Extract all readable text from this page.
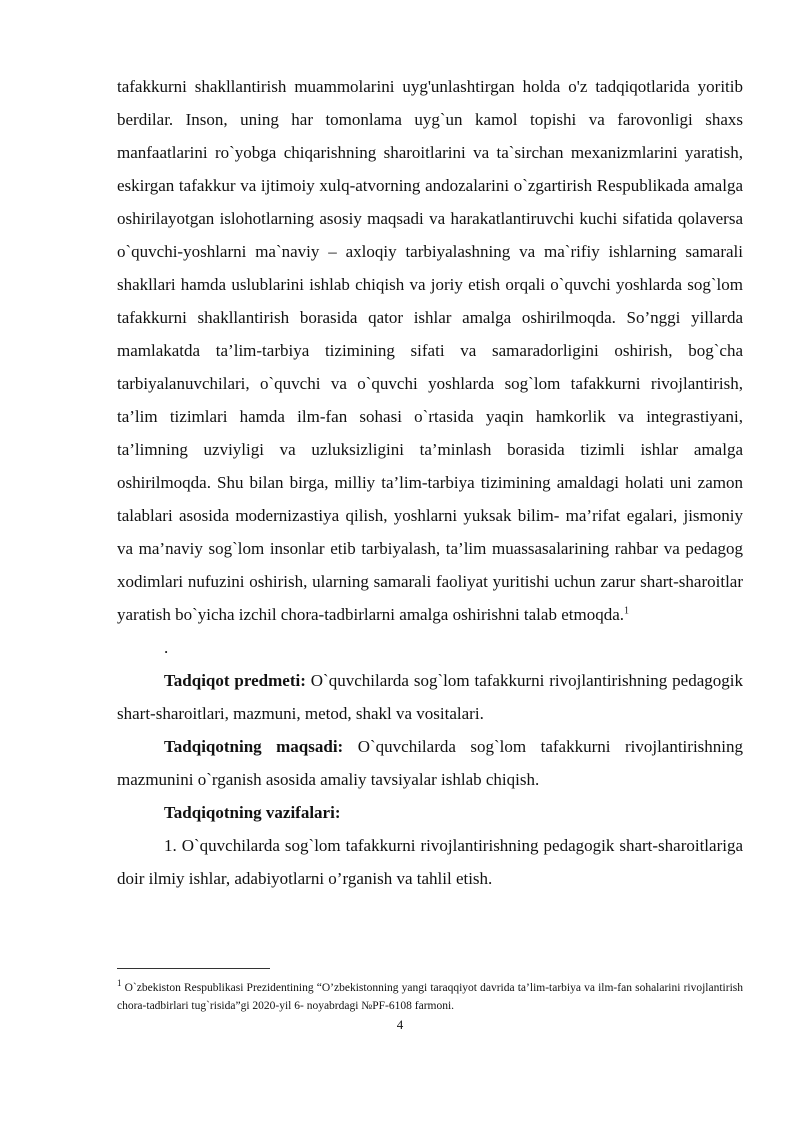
tafakkurni shakllantirish muammolarini uyg'unlashtirgan holda o'z tadqiqotlarida yoritib berdilar. Inson, uning har tomonlama uyg`un kamol topishi va farovonligi shaxs manfaatlarini ro`yobga chiqarishning sharoitlarini va ta`sirchan mexanizmlarini yaratish, eskirgan tafakkur va ijtimoiy xulq-atvorning andozalarini o`zgartirish Respublikada amalga oshirilayotgan islohotlarning asosiy maqsadi va harakatlantiruvchi kuchi sifatida qolaversa o`quvchi-yoshlarni ma`naviy – axloqiy tarbiyalashning va ma`rifiy ishlarning samarali shakllari hamda uslublarini ishlab chiqish va joriy etish orqali o`quvchi yoshlarda sog`lom tafakkurni shakllantirish borasida qator ishlar amalga oshirilmoqda. So’nggi yillarda mamlakatda ta’lim-tarbiya tizimining sifati va samaradorligini oshirish, bog`cha tarbiyalanuvchilari, o`quvchi va o`quvchi yoshlarda sog`lom tafakkurni rivojlantirish, ta’lim tizimlari hamda ilm-fan sohasi o`rtasida yaqin hamkorlik va integrastiyani, ta’limning uzviyligi va uzluksizligini ta’minlash borasida tizimli ishlar amalga oshirilmoqda. Shu bilan birga, milliy ta’lim-tarbiya tizimining amaldagi holati uni zamon talablari asosida modernizastiya qilish, yoshlarni yuksak bilim- ma’rifat egalari, jismoniy va ma’naviy sog`lom insonlar etib tarbiyalash, ta’lim muassasalarining rahbar va pedagog xodimlari nufuzini oshirish, ularning samarali faoliyat yuritishi uchun zarur shart-sharoitlar yaratish bo`yicha izchil chora-tadbirlarni amalga oshirishni talab etmoqda.$^1$

.

Tadqiqot predmeti: O`quvchilarda sog`lom tafakkurni rivojlantirishning pedagogik shart-sharoitlari, mazmuni, metod, shakl va vositalari.

Tadqiqotning maqsadi: O`quvchilarda sog`lom tafakkurni rivojlantirishning mazmunini o`rganish asosida amaliy tavsiyalar ishlab chiqish.

Tadqiqotning vazifalari:

1. O`quvchilarda sog`lom tafakkurni rivojlantirishning pedagogik shart-sharoitlariga doir ilmiy ishlar, adabiyotlarni o’rganish va tahlil etish.

$^1$ O`zbekiston Respublikasi Prezidentining “O’zbekistonning yangi taraqqiyot davrida ta’lim-tarbiya va ilm-fan sohalarini rivojlantirish chora-tadbirlari tug`risida”gi 2020-yil 6- noyabrdagi №PF-6108 farmoni.

4
